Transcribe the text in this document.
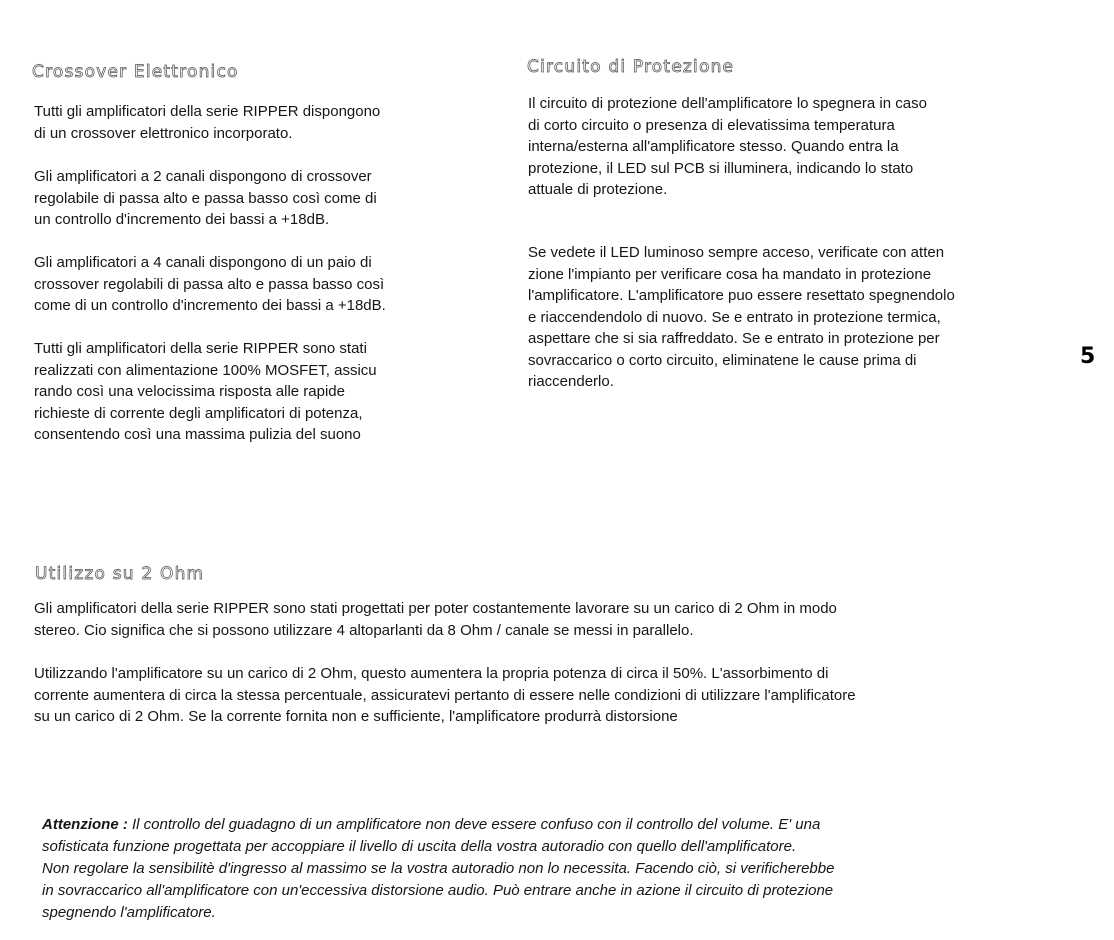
Crossover Elettronico	Circuito di Protezione
Utilizzo su 2 Ohm

Tutti gli amplificatori della serie RIPPER dispongono
di un crossover elettronico incorporato.

Gli amplificatori a 2 canali dispongono di crossover
regolabile di passa alto e passa basso così come di
un controllo d'incremento dei bassi a +18dB.

Gli amplificatori a 4 canali dispongono di un paio di
crossover regolabili di passa alto e passa basso così
come di un controllo d'incremento dei bassi a +18dB.

Tutti gli amplificatori della serie RIPPER sono stati
realizzati con alimentazione 100% MOSFET, assicu
rando così una velocissima risposta alle rapide
richieste di corrente degli amplificatori di potenza,
consentendo così una massima pulizia del suono

Il circuito di protezione dell'amplificatore lo spegnera in caso
di corto circuito o presenza di elevatissima temperatura
interna/esterna all'amplificatore stesso. Quando entra la
protezione, il LED sul PCB si illuminera, indicando lo stato
attuale di protezione.

Se vedete il LED luminoso sempre acceso, verificate con atten
zione l'impianto per verificare cosa ha mandato in protezione
l'amplificatore. L'amplificatore puo essere resettato spegnendolo
e riaccendendolo di nuovo. Se e entrato in protezione termica,
aspettare che si sia raffreddato. Se e entrato in protezione per
sovraccarico o corto circuito, eliminatene le cause prima di
riaccenderlo.

5

Gli amplificatori della serie RIPPER sono stati progettati per poter costantemente lavorare su un carico di 2 Ohm in modo
stereo. Cio significa che si possono utilizzare 4 altoparlanti da 8 Ohm / canale se messi in parallelo.

Utilizzando l'amplificatore su un carico di 2 Ohm, questo aumentera la propria potenza di circa il 50%. L'assorbimento di
corrente aumentera di circa la stessa percentuale, assicuratevi pertanto di essere nelle condizioni di utilizzare l'amplificatore
su un carico di 2 Ohm. Se la corrente fornita non e sufficiente, l'amplificatore produrrà distorsione

Attenzione : Il controllo del guadagno di un amplificatore non deve essere confuso con il controllo del volume. E' una
sofisticata funzione progettata per accoppiare il livello di uscita della vostra autoradio con quello dell'amplificatore.
Non regolare la sensibilitè d'ingresso al massimo se la vostra autoradio non lo necessita. Facendo ciò, si verificherebbe
in sovraccarico all'amplificatore con un'eccessiva distorsione audio. Può entrare anche in azione il circuito di protezione
spegnendo l'amplificatore.
